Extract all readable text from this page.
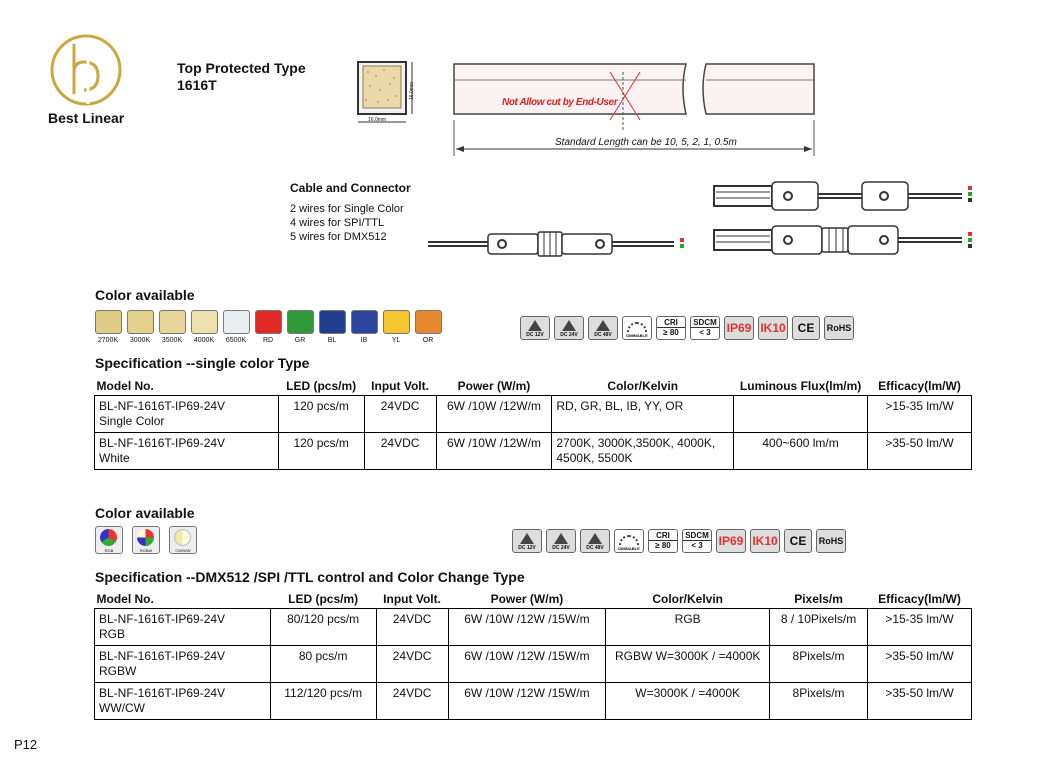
Best Linear
Top Protected Type
1616T
16.0mm
16.0mm
Not Allow cut by End-User
Standard Length can be 10, 5, 2, 1, 0.5m
Cable and Connector
2 wires for Single Color
4 wires for SPI/TTL
5 wires for DMX512
Color available
2700K	3000K	3500K	4000K	6500K	RD	GR	BL	IB	YL	OR
DC 12V	DC 24V	DC 48V	DIMMABLE
CRI
≥ 80
SDCM
< 3 IP69 IK10 CE RoHS
Specification --single color Type
Model No.	LED (pcs/m)	Input Volt.	Power (W/m)	Color/Kelvin	Luminous Flux(lm/m)	Efficacy(lm/W)
BL-NF-1616T-IP69-24V
Single Color	120 pcs/m	24VDC	6W /10W /12W/m	RD, GR, BL, IB, YY, OR		>15-35 lm/W
BL-NF-1616T-IP69-24V
White	120 pcs/m	24VDC	6W /10W /12W/m	2700K, 3000K,3500K, 4000K,
4500K, 5500K	400~600 lm/m	>35-50 lm/W
Color available
RGB	RGBW	CW/WW	DC 12V	DC 24V	DC 48V	DIMMABLE
CRI
≥ 80
SDCM
< 3 IP69 IK10 CE RoHS
Specification --DMX512 /SPI /TTL control and Color Change Type
Model No.	LED (pcs/m)	Input Volt.	Power (W/m)	Color/Kelvin	Pixels/m	Efficacy(lm/W)
BL-NF-1616T-IP69-24V
RGB	80/120 pcs/m	24VDC	6W /10W /12W /15W/m	RGB	8 / 10Pixels/m	>15-35 lm/W
BL-NF-1616T-IP69-24V
RGBW	80 pcs/m	24VDC	6W /10W /12W /15W/m	RGBW W=3000K / =4000K	8Pixels/m	>35-50 lm/W
BL-NF-1616T-IP69-24V
WW/CW	112/120 pcs/m	24VDC	6W /10W /12W /15W/m	W=3000K / =4000K	8Pixels/m	>35-50 lm/W
P12
